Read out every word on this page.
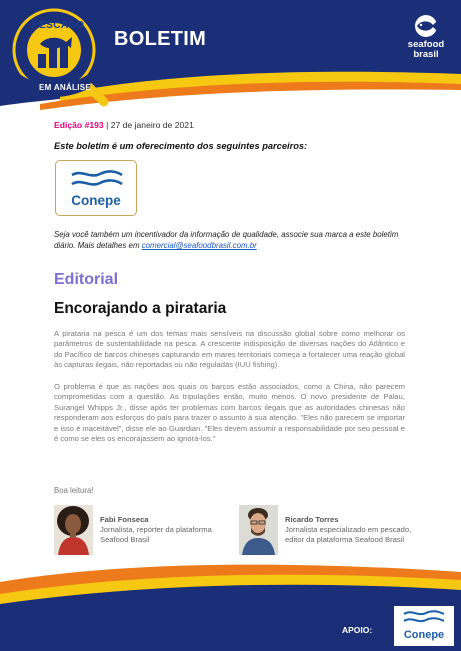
PESCADO
EM ANÁLISE
BOLETIM	seafood
brasil
Edição #193 | 27 de janeiro de 2021
Este boletim é um oferecimento dos seguintes parceiros:
Conepe
Seja você também um incentivador da informação de qualidade, associe sua marca a este boletim diário. Mais detalhes em comercial@seafoodbrasil.com.br
Editorial
Encorajando a pirataria

A pirataria na pesca é um dos temas mais sensíveis na discussão global sobre como melhorar os parâmetros de sustentabilidade na pesca. A crescente indisposição de diversas nações do Atlântico e do Pacífico de barcos chineses capturando em mares territoriais começa a fortalecer uma reação global às capturas ilegais, não reportadas ou não reguladas (IUU fishing).

O problema é que as nações aos quais os barcos estão associados, como a China, não parecem comprometidas com a questão. As tripulações então, muito menos. O novo presidente de Palau, Surangel Whipps Jr., disse após ter problemas com barcos ilegais que as autoridades chinesas não responderam aos esforços do país para trazer o assunto à sua atenção. "Eles não parecem se importar e isso é inaceitável", disse ele ao Guardian. "Eles devem assumir a responsabilidade por seu pessoal e é como se eles os encorajassem ao ignorá-los."

Boa leitura!
Fabi Fonseca
Jornalista, repórter da plataforma
Seafood Brasil
Ricardo Torres
Jornalista especializado em pescado,
editor da plataforma Seafood Brasil
APOIO:	Conepe
